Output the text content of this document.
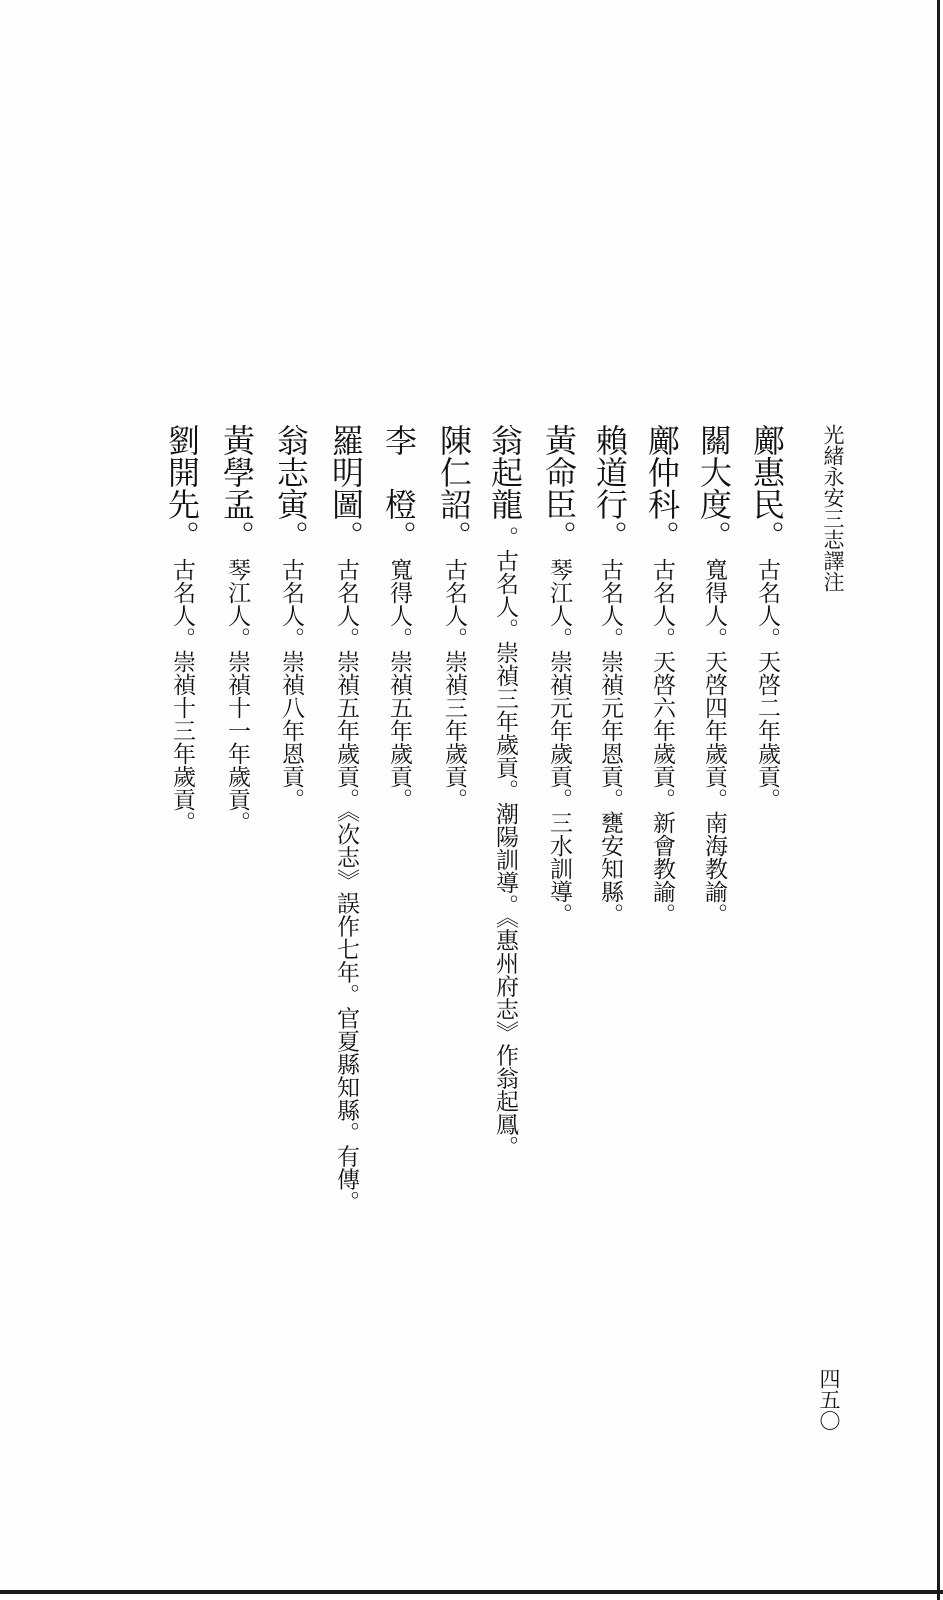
光緒永安三志譯注
鄺惠民。古名人。天啓二年歲貢。
關大度。寬得人。天啓四年歲貢。南海教諭。
鄺仲科。古名人。天啓六年歲貢。新會教諭。
賴道行。古名人。崇禎元年恩貢。甕安知縣。
黃命臣。琴江人。崇禎元年歲貢。三水訓導。
翁起龍。古名人。崇禎三年歲貢。潮陽訓導。《惠州府志》作翁起鳳。
陳仁詔。古名人。崇禎三年歲貢。
李　橙。寬得人。崇禎五年歲貢。
羅明圖。古名人。崇禎五年歲貢。《次志》誤作七年。官夏縣知縣。有傳。
翁志寅。古名人。崇禎八年恩貢。
黃學孟。琴江人。崇禎十一年歲貢。
劉開先。古名人。崇禎十三年歲貢。
四五〇
